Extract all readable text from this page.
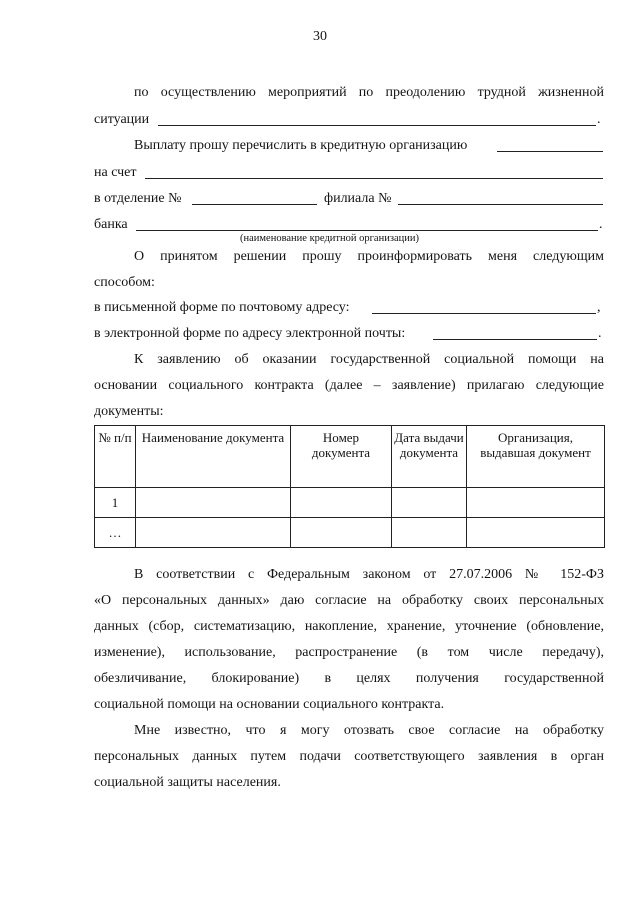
30
по осуществлению мероприятий по преодолению трудной жизненной
ситуации	.
Выплату прошу перечислить в кредитную организацию
на счет
в отделение №	филиала №
банка	.
(наименование кредитной организации)
О принятом решении прошу проинформировать меня следующим
способом:
в письменной форме по почтовому адресу:	,
в электронной форме по адресу электронной почты:	.
К заявлению об оказании государственной социальной помощи на
основании социального контракта (далее – заявление) прилагаю следующие
документы:
№ п/п	Наименование документа	Номер документа	Дата выдачи документа	Организация, выдавшая документ
1				
…				
В соответствии с Федеральным законом от 27.07.2006 № 152-ФЗ
«О персональных данных» даю согласие на обработку своих персональных
данных (сбор, систематизацию, накопление, хранение, уточнение (обновление,
изменение), использование, распространение (в том числе передачу),
обезличивание, блокирование) в целях получения государственной
социальной помощи на основании социального контракта.
Мне известно, что я могу отозвать свое согласие на обработку
персональных данных путем подачи соответствующего заявления в орган
социальной защиты населения.
